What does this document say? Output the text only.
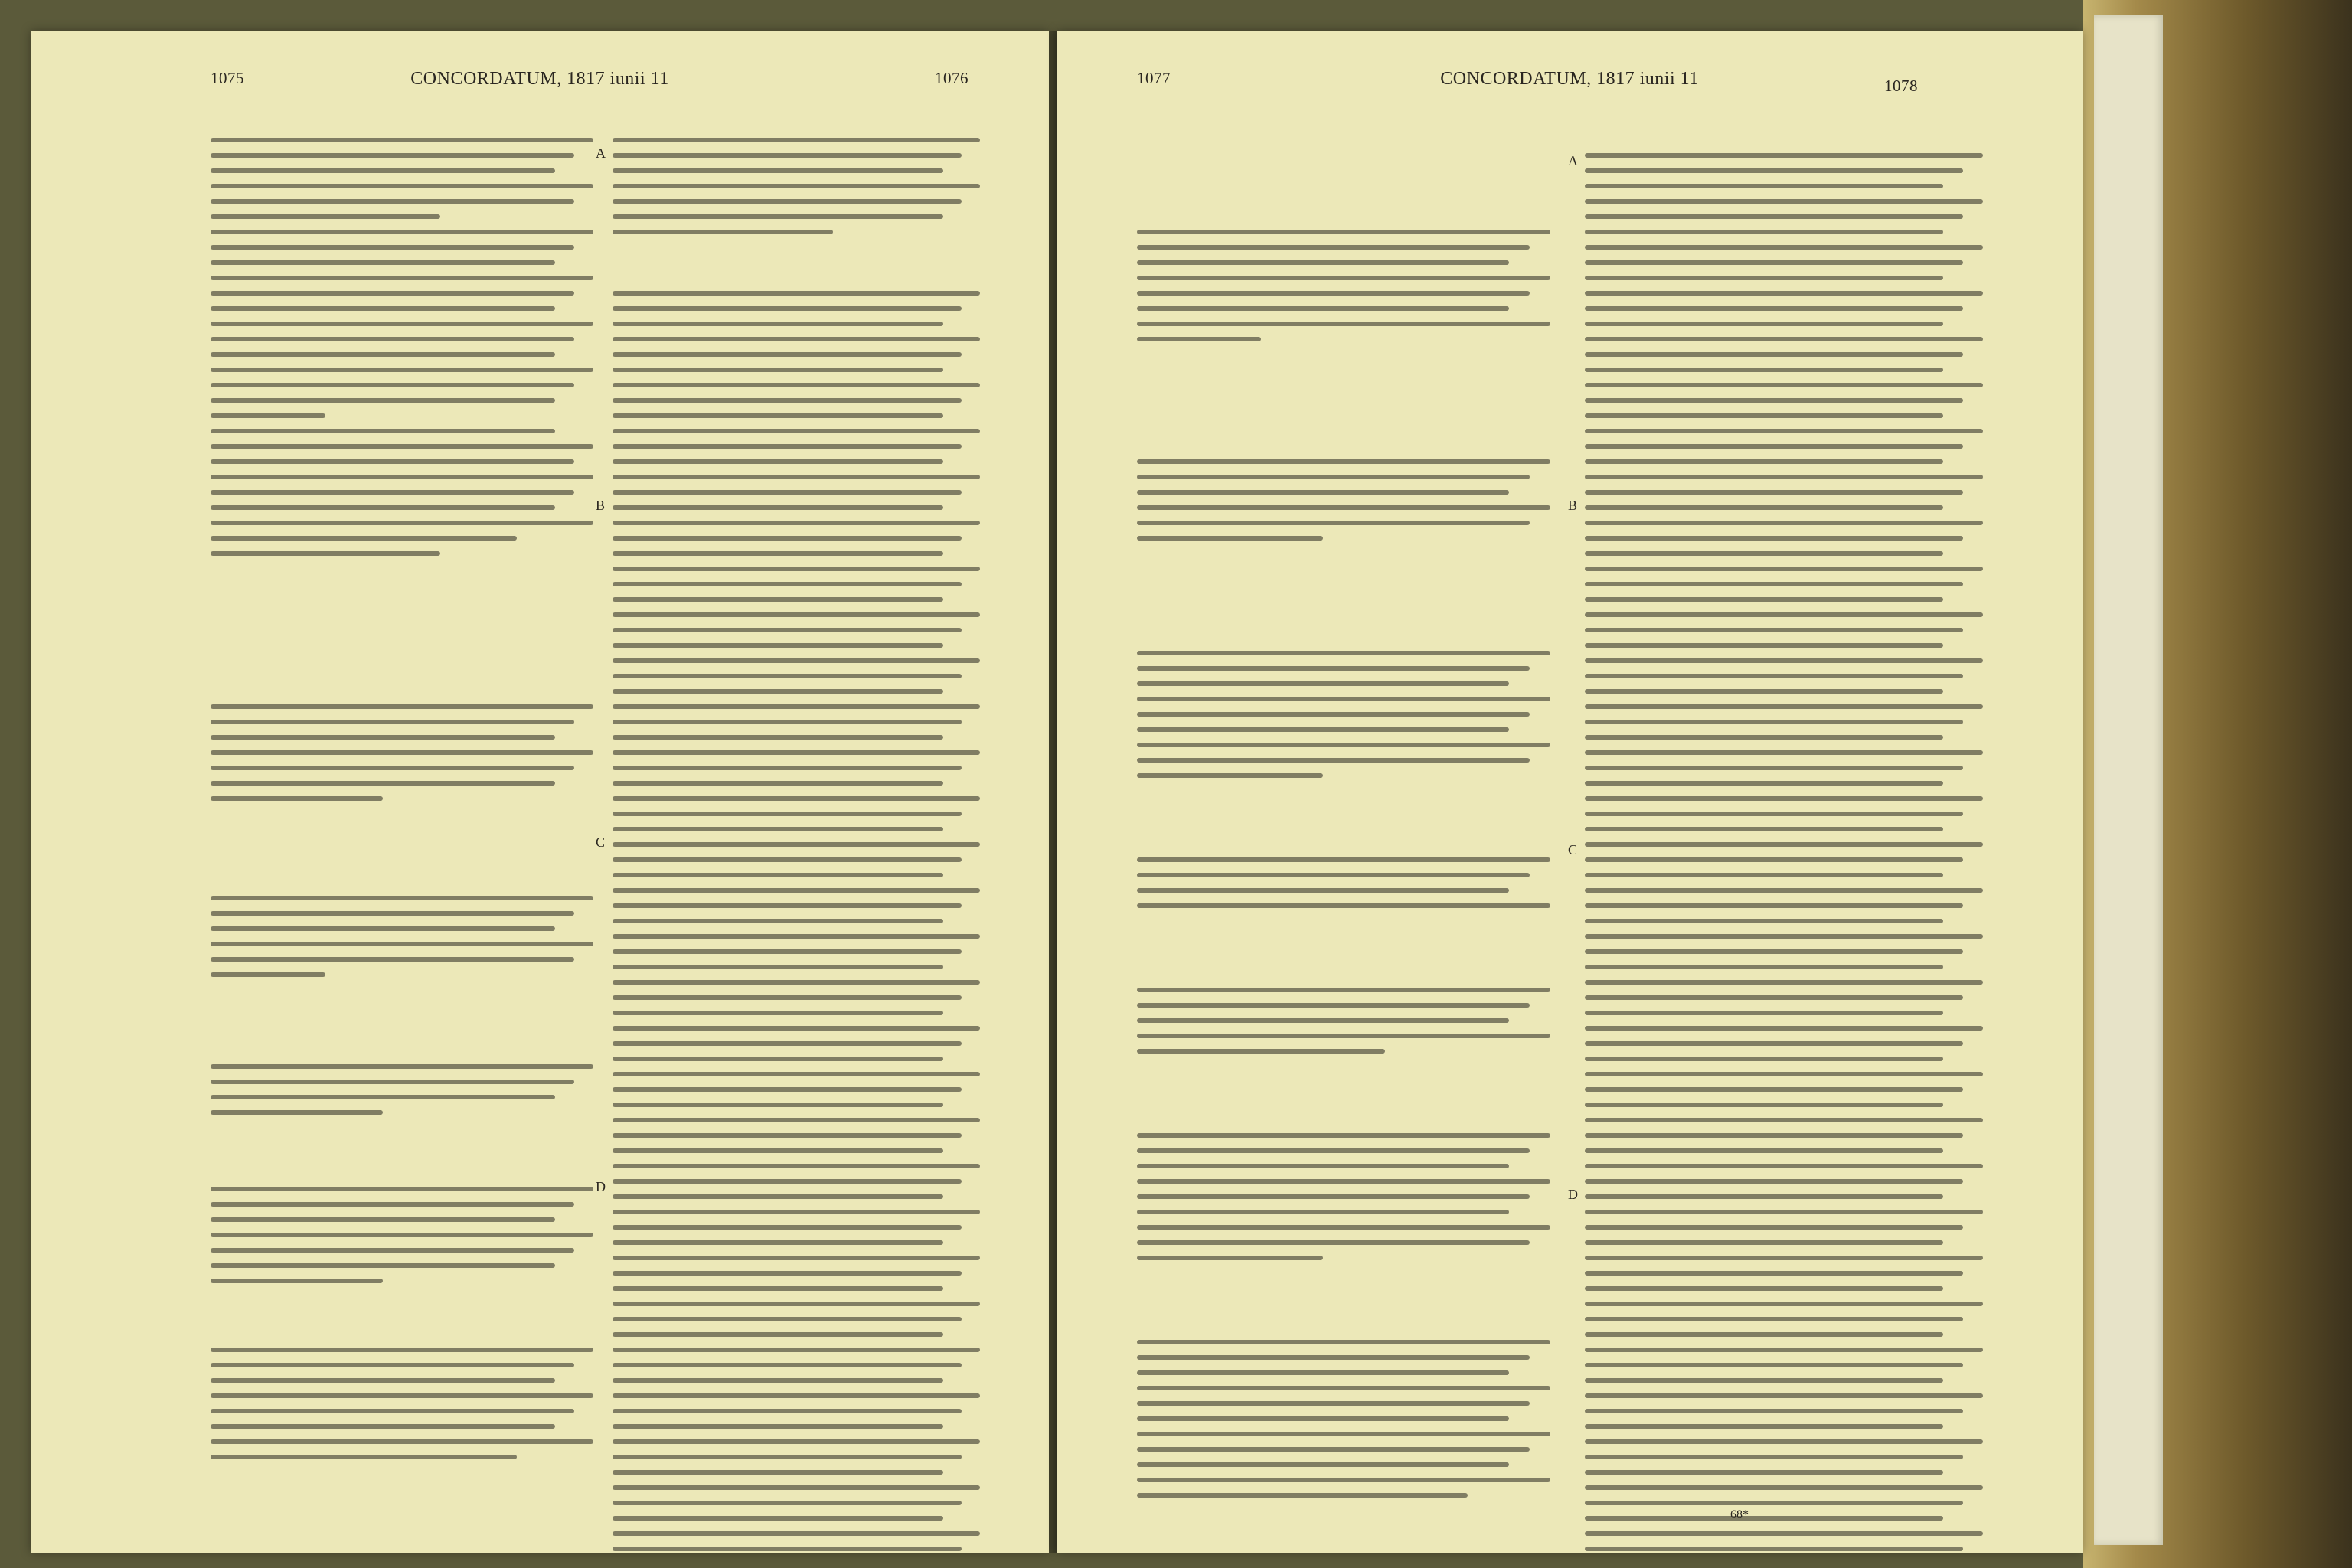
1075	CONCORDATUM, 1817 iunii 11	1076
A
B
C
D
1077	CONCORDATUM, 1817 iunii 11	1078
A
B
C
D
68*
